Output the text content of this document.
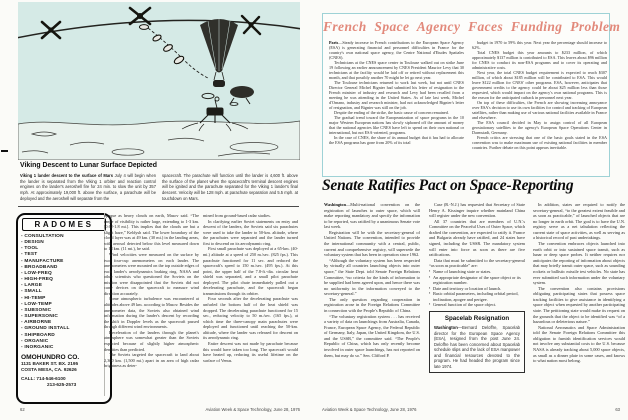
Viking Descent to Lunar Surface Depicted
Viking 1 lander descent to the surface of Mars July 4 will begin when the lander is separated from the Viking 1 orbiter and reaction control engines on the lander's aeroshell fire for 24 min. to slow the unit by 357 mph. At approximately 19,000 ft. above the surface, a parachute will be deployed and the aeroshell will separate from the
spacecraft. The parachute will function until the lander is 4,600 ft. above the surface of the planet when the spacecraft's terminal descent engines will be ignited and the parachute separated for the Viking 1 lander's final descent. Velocity will be 128 mph. at parachute separation and 5.5 mph. at touchdown on Mars.
RADOMES

- CONSULTATION

- DESIGN

- TOOL

- TEST

- MANUFACTURE

- BROADBAND

- LOW-FREQ

- HIGH-FREQ

- LARGE

- SMALL

- HI-TEMP

- LOW-TEMP

- SUBSONIC

- SUPERSONIC

- AIRBORNE

- GROUND INSTALL

- SHIPBOARD

- ORGANIC

- INORGANIC

OMOHUNDRO CO.
1131 BAKER ST. BX. 2195
COSTA MESA, CA. 92626
CALL: 714-546-6100
213-625-2573

opaque as heavy clouds on earth, Masov said. “The range of visibility is rather large, extending to 1-3 km. [0.62-1.8 mi.]. This implies that the clouds are but a slight haze,” Keldysh said. The lower boundary of the cloud layer was at 49 km. (30 mi.) in the landing areas, with aerosol detected below this level measured down to 18 km. (11 mi.), he said.

Wind velocities were measured on the surface by two four-cup anemometers on each lander. The anemometers were mounted on the top outside edges of each lander's aerodynamics braking ring. NASA and other scientists who questioned the Soviets on the mission were disappointed that the Soviets did not carry devices on the spacecraft to measure wind direction accurately.

Some atmospheric turbulence was encountered at altitudes above 49 km. according to Masov. Besides the anemometer data, the Soviets also obtained wind information during the lander's descent by recording the shift in Doppler levels as the spacecraft passed through different wind environments.

Deceleration of the landers through the planet's atmosphere was somewhat greater than the Soviets expected because of slightly higher atmospheric densities than predicted.

The Soviets targeted the spacecraft to land about 2,300 km. (1,500 mi.) apart in an area of high radar brightness as deter-

mined from ground-based radar studies.

In clarifying earlier Soviet statements on entry and descent of the landers, the Soviets said six parachutes were used to take the lander to 50-km. altitude, where the parachutes were separated and the lander turned first to descend on its aerodynamic ring.

First small parachute was deployed at a 65-km. (40-mi.) altitude at a speed of 250 m./sec. (825 fps.). This parachute functioned for 11 sec. and reduced the spacecraft's speed to 150 m./sec. (495 fps.). At this point, the upper half of the 7.8-ft.-dia. circular heat shield was separated, and a small pilot parachute deployed. The pilot chute immediately pulled out a decelerating parachute, and the spacecraft began transmissions through its orbiter.

Four seconds after the decelerating parachute was unfurled the bottom half of the heat shield was dropped. The decelerating parachute functioned for 15 sec., reducing velocity to 50 m./sec. (165 fps.), at which time the three-canopy main parachutes were deployed and functioned until reaching the 50-km. altitude, where the lander was released for descent on its aerodynamic ring.

Entire descent was not made by parachute because this would have taken too long. The spacecraft would have heated up, reducing its useful lifetime on the surface of Venus.

62	Aviation Week & Space Technology, June 28, 1976
French Space Agency Faces Funding Problem

Paris—Steady increase in French contributions to the European Space Agency (ESA) is generating financial and personnel difficulties in France for the country's own national space agency, the Centre National d'Etudes Spatiales (CNES).

Technicians at the CNES space center in Toulouse walked out on strike June 19 following an earlier announcement by CNES President Maurice Levy that 30 technicians at the facility would be laid off or retired without replacement this month, and that possibly another 70 might be let go next year.

The Toulouse technicians returned to work last week, but not until CNES Director General Michel Bignier had submitted his letter of resignation to the French minister of industry and research and Levy had been recalled from a meeting he was attending in the United States. As of late last week, Michel d'Ornano, industry and research minister, had not acknowledged Bignier's letter of resignation, and Bignier was still on the job.

Despite the ending of the strike, the basic cause of concern remained.

The gradual trend toward the Europeanization of space programs in the 10 major Western European nations has slowly siphoned off the amount of money that the national agencies like CNES have left to spend on their own national or international, but not ESA-oriented, programs.

In the case of CNES, the share of its annual budget that it has had to allocate the ESA programs has gone from 20% of its total

budget in 1970 to 59% this year. Next year the percentage should increase to 62%.

Total CNES budget this year amounts to $233 million, of which approximately $137 million is contributed to ESA. This leaves about $96 million for CNES to conduct its non-ESA programs and to cover its operating and administrative costs.

Next year, the total CNES budget requirement is expected to reach $307 million, of which about $185 million will be contributed to ESA. This would leave $122 million for CNES' other programs. ESA, however, anticipates that government credits to the agency could be about $25 million less than those requested, which would impact on the agency's own national programs. This is the reason for the anticipated cutback in personnel next year.

On top of these difficulties, the French are showing increasing annoyance over ESA's decision to use its own facilities for control and tracking of European satellites, rather than making use of various national facilities available in France and elsewhere.

The ESA council decided in May to assign control of all European geostationary satellites to the agency's European Space Operations Center in Darmstadt, Germany.

French critics are stressing that one of the basic goals stated in the ESA convention was to make maximum use of existing national facilities in member countries. Further debate on this point appears inevitable.

Senate Ratifies Pact on Space-Reporting

Washington—Multi-national convention on the registration of launches to outer space, which will make reporting mandatory and specify the information to be reported, was ratified by a unanimous Senate vote last week.

Registration will be with the secretary-general of United Nations. The convention, intended to provide the international community with a central, public, current and comprehensive registry, will supersede the voluntary system that has been in operation since 1962.

“Although the voluntary system has been respected by virtually all countries launching objects into outer space,” the State Dept. told Senate Foreign Relations Committee, “no criteria for the kinds of information to be supplied had been agreed upon, and hence there was no uniformity in the information conveyed to the secretary-general.”

The only question regarding cooperation in registration arose in the Foreign Relations Committee in connection with the People's Republic of China.

“The voluntary registration system . . . has received a variety of data on launchings from Australia, Canada, France, European Space Agency, the Federal Republic of Germany, Italy, Japan, the United Kingdom, the U.S. and the USSR,” the committee said. “The People's Republic of China, which has only recently become involved in outer space launchings, has not reported on them, but may do so.” Sen. Clifford P.

Case (R.-N.J.) has requested that Secretary of State Henry A. Kissinger inquire whether mainland China will register under the new convention.

All 37 countries that are members of U.N.'s Committee on the Peaceful Uses of Outer Space, which drafted the convention, are expected to ratify it. France and Bulgaria already have ratified, and 24 states have signed, including the USSR. The mandatory system will enter into force as soon as there are five ratifications.

Data that must be submitted to the secretary-general “as soon as practicable” are:

▪ Name of launching state or states.

▪ An appropriate designator of the space object or its registration number.

▪ Date and territory or location of launch.

▪ Basic orbital parameters, including orbital period, inclination, apogee and perigee.

▪ General function of the space object.

Spacelab Resignation

Washington—Bernard Deloffre, Spacelab director for the European Space Agency (ESA), resigned from the post June 24. Deloffre has been concerned about Spacelab schedule slips and the lack of ESA manpower and financial resources devoted to the program. He had headed the program since late 1974.

In addition, states are required to notify the secretary-general, “to the greatest extent feasible and as soon as practicable,” of launched objects that are no longer in earth orbit. The goal is to have the U.N. registry serve as a net tabulation reflecting the current state of space activities, as well as serving as a historical record of past undertakings.

The convention embraces objects launched into earth orbit or into sustained space transit, such as lunar or deep space probes. It neither requires nor anticipates the reporting of information about objects that may briefly transit outer space, such as sounding rockets or ballistic missile test vehicles. No state has ever submitted such information under the voluntary system.

The convention also contains provisions obligating participating states that possess space tracking facilities to give assistance in identifying a space object when requested by another participating state. The petitioning state would make its request on the grounds that the object to be identified was “of a hazardous or deleterious nature.”

National Aeronautics and Space Administration told the Senate Foreign Relations Committee this obligation to furnish identification services would not involve any substantial costs to the U.S. because NASA is already tracking about 5,000 space objects, as small as a dinner plate in some cases, and knows to what nation most belong.

Aviation Week & Space Technology, June 28, 1976	63
